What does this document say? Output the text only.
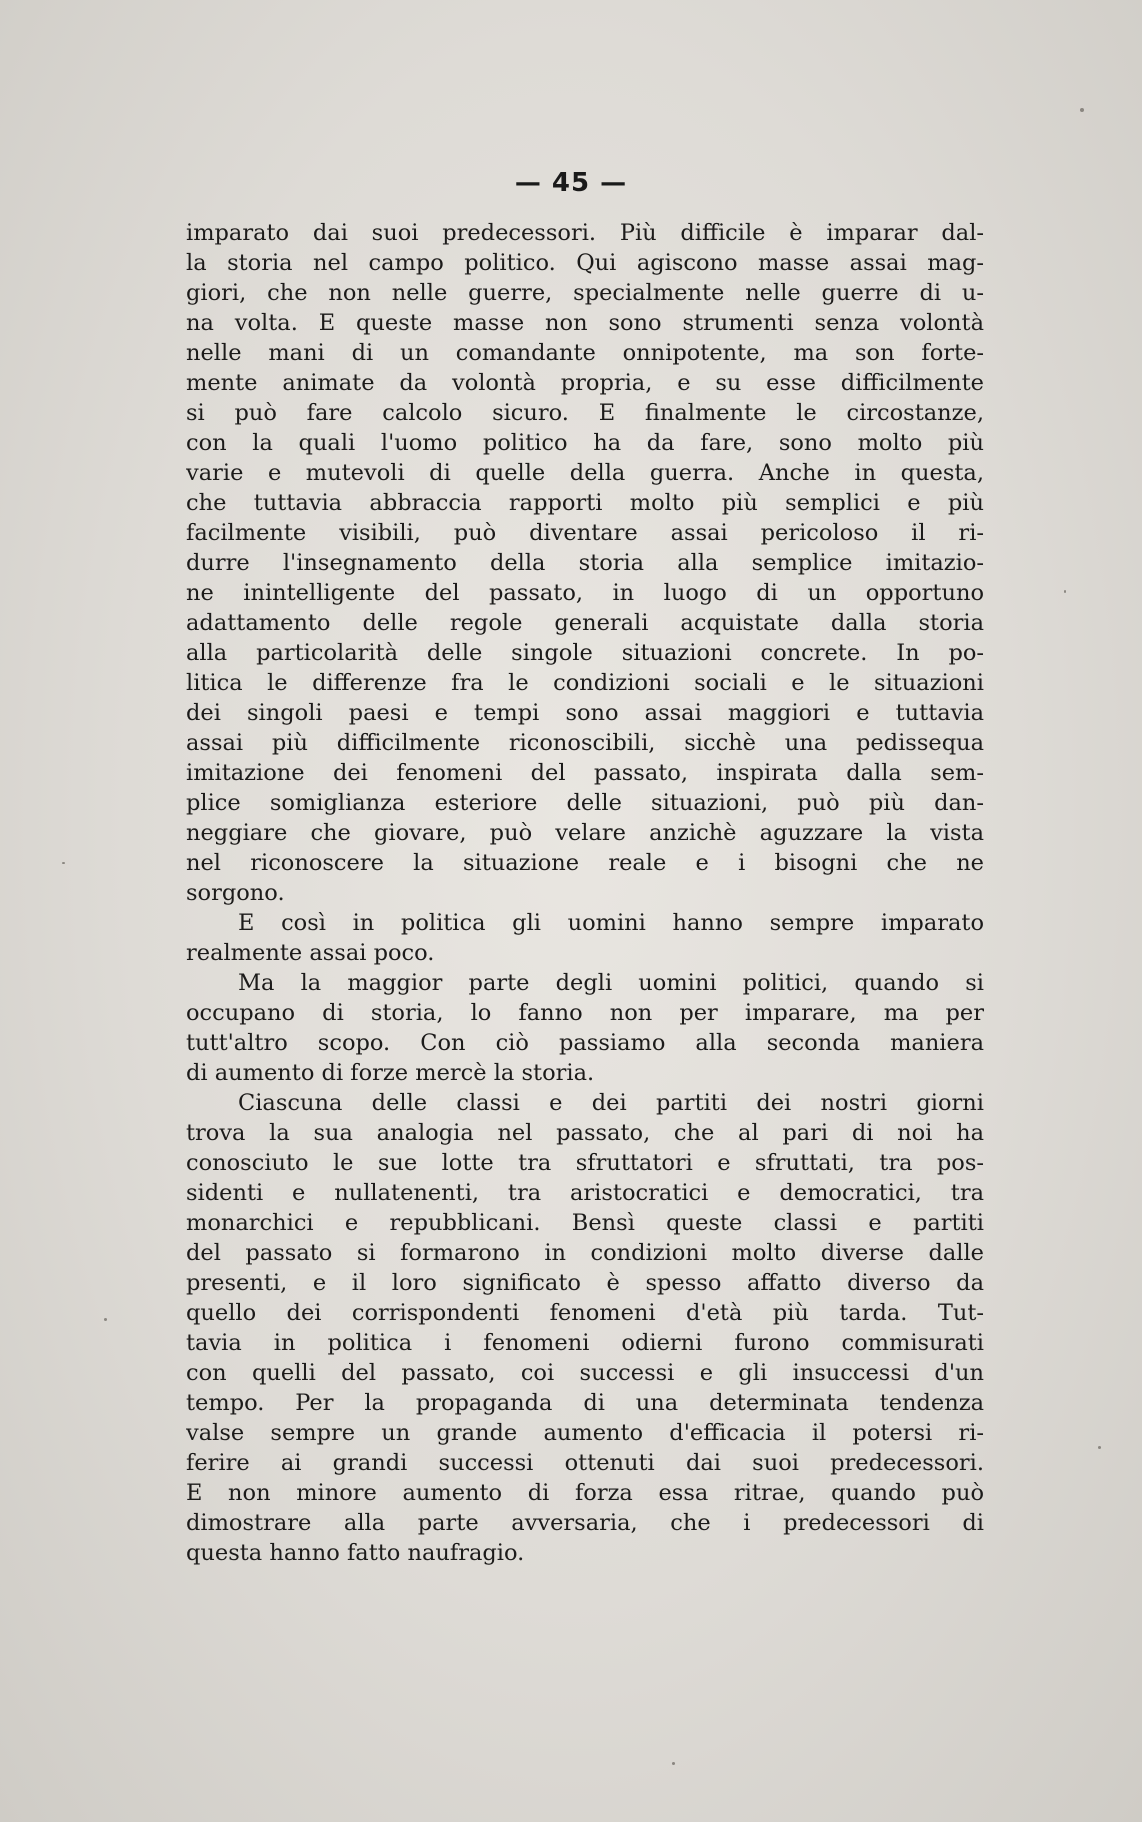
— 45 —
imparato dai suoi predecessori. Più difficile è imparar dal-
la storia nel campo politico. Qui agiscono masse assai mag-
giori, che non nelle guerre, specialmente nelle guerre di u-
na volta. E queste masse non sono strumenti senza volontà
nelle mani di un comandante onnipotente, ma son forte-
mente animate da volontà propria, e su esse difficilmente
si può fare calcolo sicuro. E finalmente le circostanze,
con la quali l'uomo politico ha da fare, sono molto più
varie e mutevoli di quelle della guerra. Anche in questa,
che tuttavia abbraccia rapporti molto più semplici e più
facilmente visibili, può diventare assai pericoloso il ri-
durre l'insegnamento della storia alla semplice imitazio-
ne inintelligente del passato, in luogo di un opportuno
adattamento delle regole generali acquistate dalla storia
alla particolarità delle singole situazioni concrete. In po-
litica le differenze fra le condizioni sociali e le situazioni
dei singoli paesi e tempi sono assai maggiori e tuttavia
assai più difficilmente riconoscibili, sicchè una pedissequa
imitazione dei fenomeni del passato, inspirata dalla sem-
plice somiglianza esteriore delle situazioni, può più dan-
neggiare che giovare, può velare anzichè aguzzare la vista
nel riconoscere la situazione reale e i bisogni che ne
sorgono.
E così in politica gli uomini hanno sempre imparato
realmente assai poco.
Ma la maggior parte degli uomini politici, quando si
occupano di storia, lo fanno non per imparare, ma per
tutt'altro scopo. Con ciò passiamo alla seconda maniera
di aumento di forze mercè la storia.
Ciascuna delle classi e dei partiti dei nostri giorni
trova la sua analogia nel passato, che al pari di noi ha
conosciuto le sue lotte tra sfruttatori e sfruttati, tra pos-
sidenti e nullatenenti, tra aristocratici e democratici, tra
monarchici e repubblicani. Bensì queste classi e partiti
del passato si formarono in condizioni molto diverse dalle
presenti, e il loro significato è spesso affatto diverso da
quello dei corrispondenti fenomeni d'età più tarda. Tut-
tavia in politica i fenomeni odierni furono commisurati
con quelli del passato, coi successi e gli insuccessi d'un
tempo. Per la propaganda di una determinata tendenza
valse sempre un grande aumento d'efficacia il potersi ri-
ferire ai grandi successi ottenuti dai suoi predecessori.
E non minore aumento di forza essa ritrae, quando può
dimostrare alla parte avversaria, che i predecessori di
questa hanno fatto naufragio.
